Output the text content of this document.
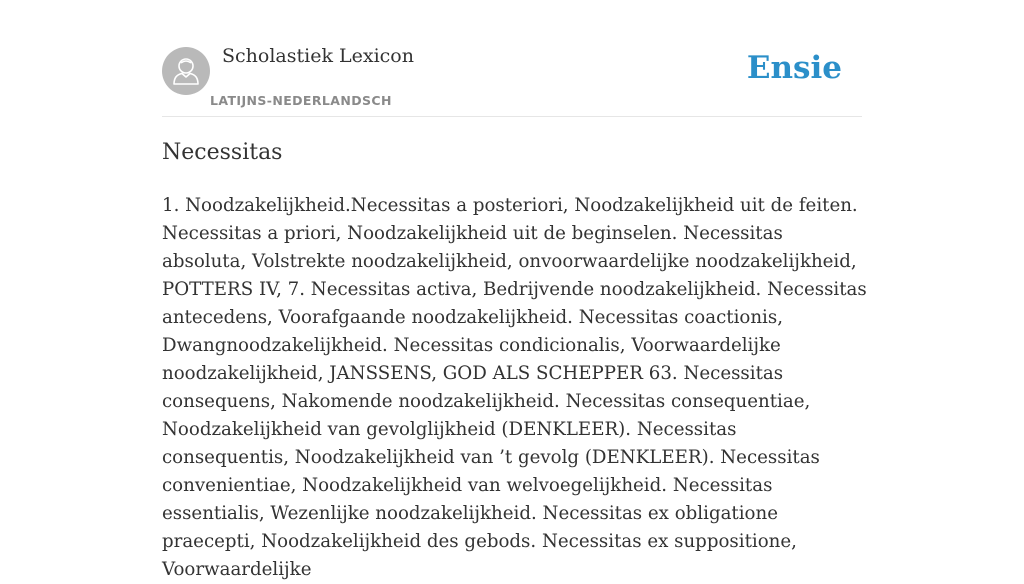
Scholastiek Lexicon
LATIJNS-NEDERLANDSCH
Ensie
Necessitas

1. Noodzakelijkheid.Necessitas a posteriori, Noodzakelijkheid uit de feiten. Necessitas a priori, Noodzakelijkheid uit de beginselen. Necessitas absoluta, Volstrekte noodzakelijkheid, onvoorwaardelijke noodzakelijkheid, POTTERS IV, 7. Necessitas activa, Bedrijvende noodzakelijkheid. Necessitas antecedens, Voorafgaande noodzakelijkheid. Necessitas coactionis, Dwangnoodzakelijkheid. Necessitas condicionalis, Voorwaardelijke noodzakelijkheid, JANSSENS, GOD ALS SCHEPPER 63. Necessitas consequens, Nakomende noodzakelijkheid. Necessitas consequentiae, Noodzakelijkheid van gevolglijkheid (DENKLEER). Necessitas consequentis, Noodzakelijkheid van ’t gevolg (DENKLEER). Necessitas convenientiae, Noodzakelijkheid van welvoegelijkheid. Necessitas essentialis, Wezenlijke noodzakelijkheid. Necessitas ex obligatione praecepti, Noodzakelijkheid des gebods. Necessitas ex suppositione, Voorwaardelijke
